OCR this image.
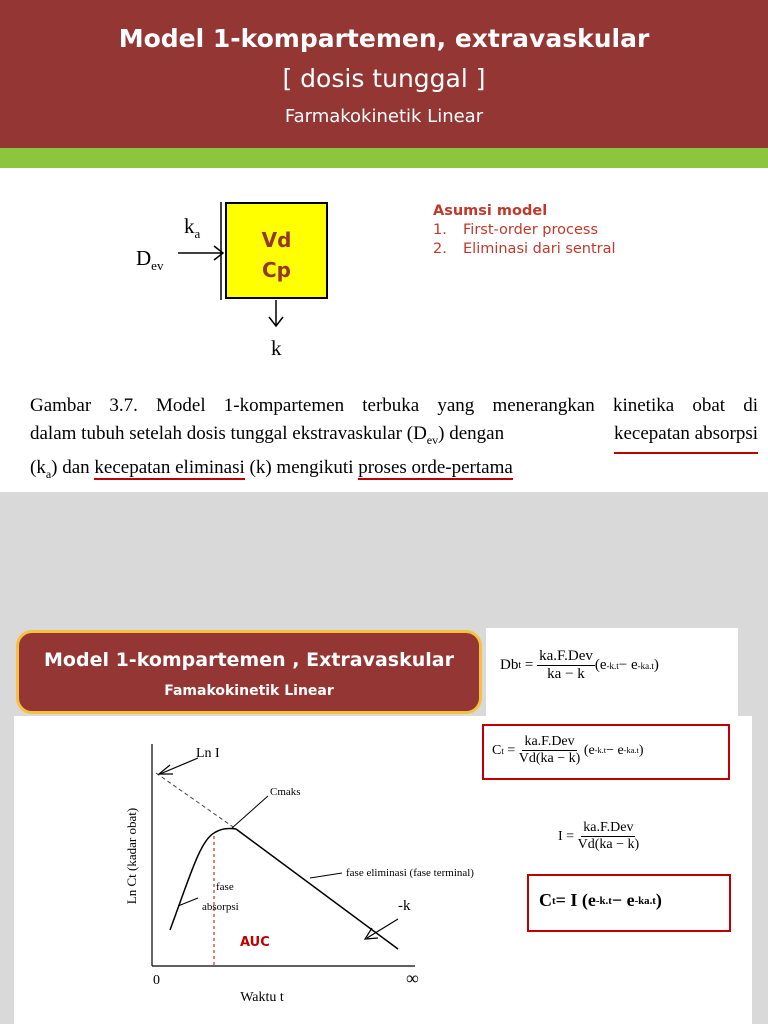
Model 1-kompartemen, extravaskular
[ dosis tunggal ]
Farmakokinetik Linear
$D_{ev}$
$k_a$	Vd
Cp
k
Asumsi model
1. First-order process
2. Eliminasi dari sentral
Gambar 3.7. Model 1-kompartemen terbuka yang menerangkan kinetika obat di
dalam tubuh setelah dosis tunggal ekstravaskular $(D_{ev})$ dengan	kecepatan absorpsi
$(k_a)$ dan kecepatan eliminasi (k) mengikuti proses orde-pertama
Model 1-kompartemen , Extravaskular
Famakokinetik Linear
Db t
=
$\frac{\text{ka.F.Dev}}{ka - k} (e$ -k.t − e -ka.t )
C t
=
$\frac{\text{ka.F.Dev}}{Vd(ka - k)}$
(e -k.t − e -ka.t )
I
=
$\frac{\text{ka.F.Dev}}{Vd(ka - k)}$
C t = I (e -k.t − e -ka.t )
Ln Ct (kadar obat)
Waktu t
0	∞
Ln I
Cmaks
fase eliminasi (fase terminal)
fase
absorpsi	-k
AUC
